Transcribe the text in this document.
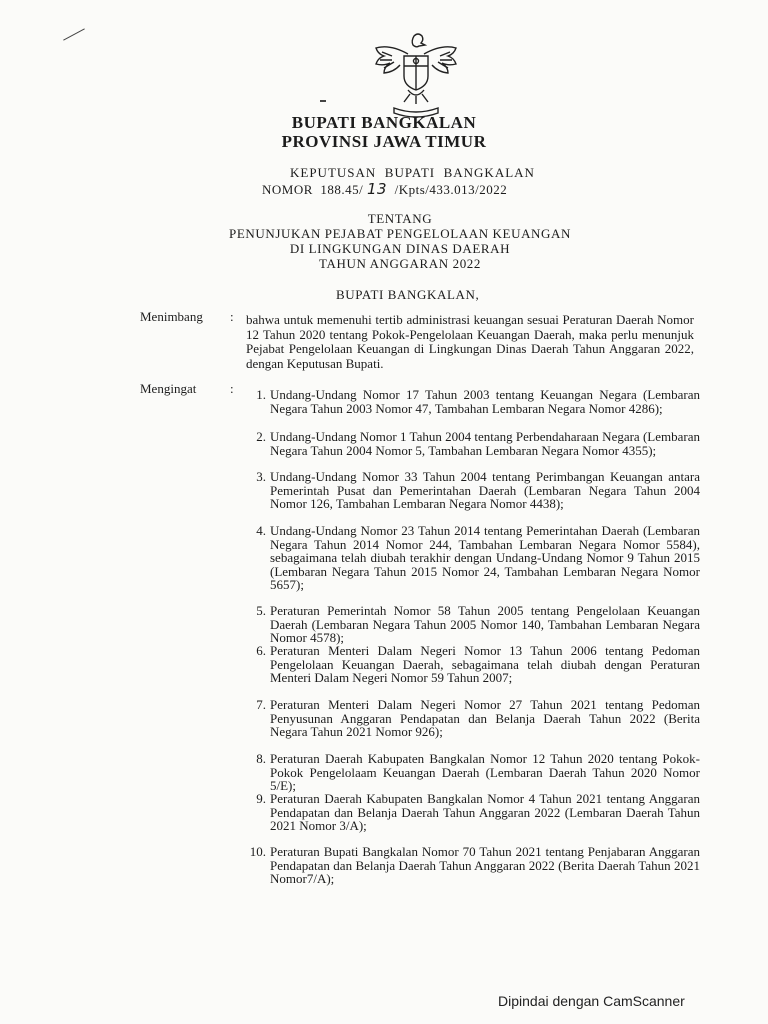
BUPATI BANGKALAN
PROVINSI JAWA TIMUR
KEPUTUSAN  BUPATI  BANGKALAN
NOMOR  188.45/ 13  /Kpts/433.013/2022
TENTANG
PENUNJUKAN PEJABAT PENGELOLAAN KEUANGAN
DI LINGKUNGAN DINAS DAERAH
TAHUN ANGGARAN 2022
BUPATI BANGKALAN,
Menimbang : bahwa untuk memenuhi tertib administrasi keuangan sesuai Peraturan Daerah Nomor 12 Tahun 2020 tentang Pokok-Pengelolaan Keuangan Daerah, maka perlu menunjuk Pejabat Pengelolaan Keuangan di Lingkungan Dinas Daerah Tahun Anggaran 2022, dengan Keputusan Bupati.
Mengingat	:	1. Undang-Undang Nomor 17 Tahun 2003 tentang Keuangan Negara (Lembaran Negara Tahun 2003 Nomor 47, Tambahan Lembaran Negara Nomor 4286);

2. Undang-Undang Nomor 1 Tahun 2004 tentang Perbendaharaan Negara (Lembaran Negara Tahun 2004 Nomor 5, Tambahan Lembaran Negara Nomor 4355);

3. Undang-Undang Nomor 33 Tahun 2004 tentang Perimbangan Keuangan antara Pemerintah Pusat dan Pemerintahan Daerah (Lembaran Negara Tahun 2004 Nomor 126, Tambahan Lembaran Negara Nomor 4438);

4. Undang-Undang Nomor 23 Tahun 2014 tentang Pemerintahan Daerah (Lembaran Negara Tahun 2014 Nomor 244, Tambahan Lembaran Negara Nomor 5584), sebagaimana telah diubah terakhir dengan Undang-Undang Nomor 9 Tahun 2015 (Lembaran Negara Tahun 2015 Nomor 24, Tambahan Lembaran Negara Nomor 5657);

5. Peraturan Pemerintah Nomor 58 Tahun 2005 tentang Pengelolaan Keuangan Daerah (Lembaran Negara Tahun 2005 Nomor 140, Tambahan Lembaran Negara Nomor 4578);

6. Peraturan Menteri Dalam Negeri Nomor 13 Tahun 2006 tentang Pedoman Pengelolaan Keuangan Daerah, sebagaimana telah diubah dengan Peraturan Menteri Dalam Negeri Nomor 59 Tahun 2007;

7. Peraturan Menteri Dalam Negeri Nomor 27 Tahun 2021 tentang Pedoman Penyusunan Anggaran Pendapatan dan Belanja Daerah Tahun 2022 (Berita Negara Tahun 2021 Nomor 926);

8. Peraturan Daerah Kabupaten Bangkalan Nomor 12 Tahun 2020 tentang Pokok-Pokok Pengelolaam Keuangan Daerah (Lembaran Daerah Tahun 2020 Nomor 5/E);

9. Peraturan Daerah Kabupaten Bangkalan Nomor 4 Tahun 2021 tentang Anggaran Pendapatan dan Belanja Daerah Tahun Anggaran 2022 (Lembaran Daerah Tahun 2021 Nomor 3/A);

10. Peraturan Bupati Bangkalan Nomor 70 Tahun 2021 tentang Penjabaran Anggaran Pendapatan dan Belanja Daerah Tahun Anggaran 2022 (Berita Daerah Tahun 2021 Nomor7/A);

Dipindai dengan CamScanner
